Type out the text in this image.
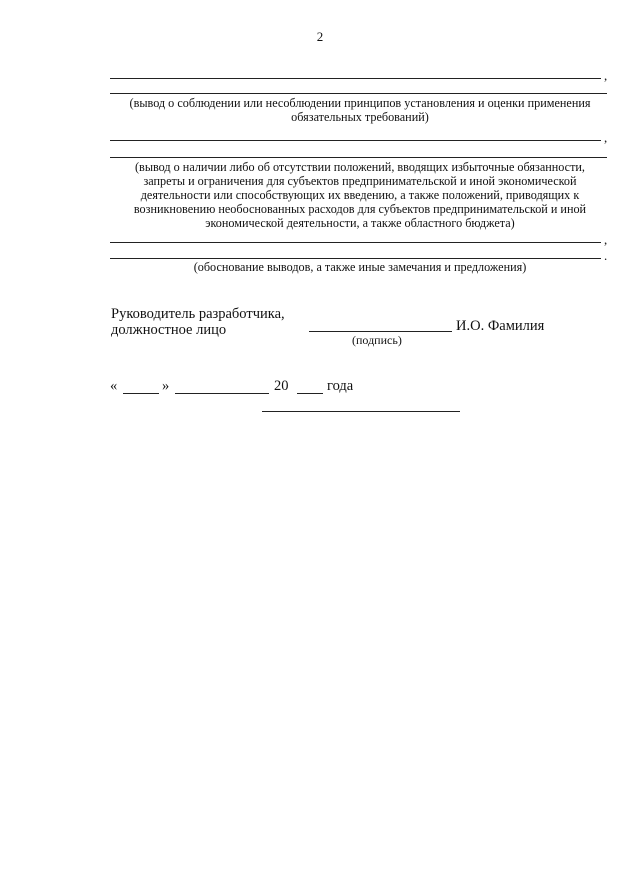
2
,
(вывод о соблюдении или несоблюдении принципов установления и оценки применения
обязательных требований)
,
(вывод о наличии либо об отсутствии положений, вводящих избыточные обязанности,
запреты и ограничения для субъектов предпринимательской и иной экономической
деятельности или способствующих их введению, а также положений, приводящих к
возникновению необоснованных расходов для субъектов предпринимательской и иной
экономической деятельности, а также областного бюджета)
,
.
(обоснование выводов, а также иные замечания и предложения)
Руководитель разработчика,
должностное лицо	И.О. Фамилия
(подпись)
«	»	20	года
